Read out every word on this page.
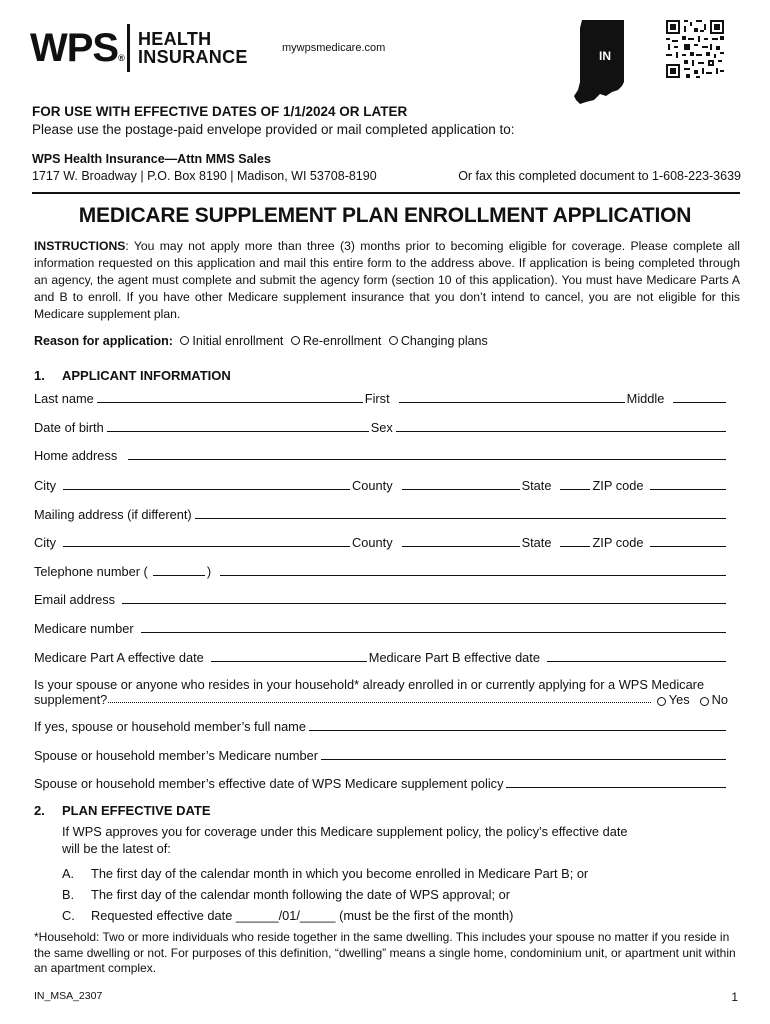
WPS®
HEALTH
INSURANCE	mywpsmedicare.com
IN
FOR USE WITH EFFECTIVE DATES OF 1/1/2024 OR LATER
Please use the postage-paid envelope provided or mail completed application to:
WPS Health Insurance—Attn MMS Sales
1717 W. Broadway | P.O. Box 8190 | Madison, WI 53708-8190	Or fax this completed document to 1-608-223-3639
MEDICARE SUPPLEMENT PLAN ENROLLMENT APPLICATION
INSTRUCTIONS: You may not apply more than three (3) months prior to becoming eligible for coverage. Please complete all information requested on this application and mail this entire form to the address above. If application is being completed through an agency, the agent must complete and submit the agency form (section 10 of this application). You must have Medicare Parts A and B to enroll. If you have other Medicare supplement insurance that you don’t intend to cancel, you are not eligible for this Medicare supplement plan.
Reason for application: Initial enrollment Re-enrollment Changing plans
1. APPLICANT INFORMATION
Last name	First	Middle
Date of birth	Sex
Home address
City	County	State	ZIP code
Mailing address (if different)
City	County	State	ZIP code
Telephone number (	)
Email address
Medicare number
Medicare Part A effective date	Medicare Part B effective date
Is your spouse or anyone who resides in your household* already enrolled in or currently applying for a WPS Medicare
supplement?	Yes No
If yes, spouse or household member’s full name
Spouse or household member’s Medicare number
Spouse or household member’s effective date of WPS Medicare supplement policy
2. PLAN EFFECTIVE DATE
If WPS approves you for coverage under this Medicare supplement policy, the policy’s effective date
will be the latest of:
A. The first day of the calendar month in which you become enrolled in Medicare Part B; or
B. The first day of the calendar month following the date of WPS approval; or
C. Requested effective date ______/01/_____ (must be the first of the month)
*Household: Two or more individuals who reside together in the same dwelling. This includes your spouse no matter if you reside in the same dwelling or not. For purposes of this definition, “dwelling” means a single home, condominium unit, or apartment unit within an apartment complex.
IN_MSA_2307	1
